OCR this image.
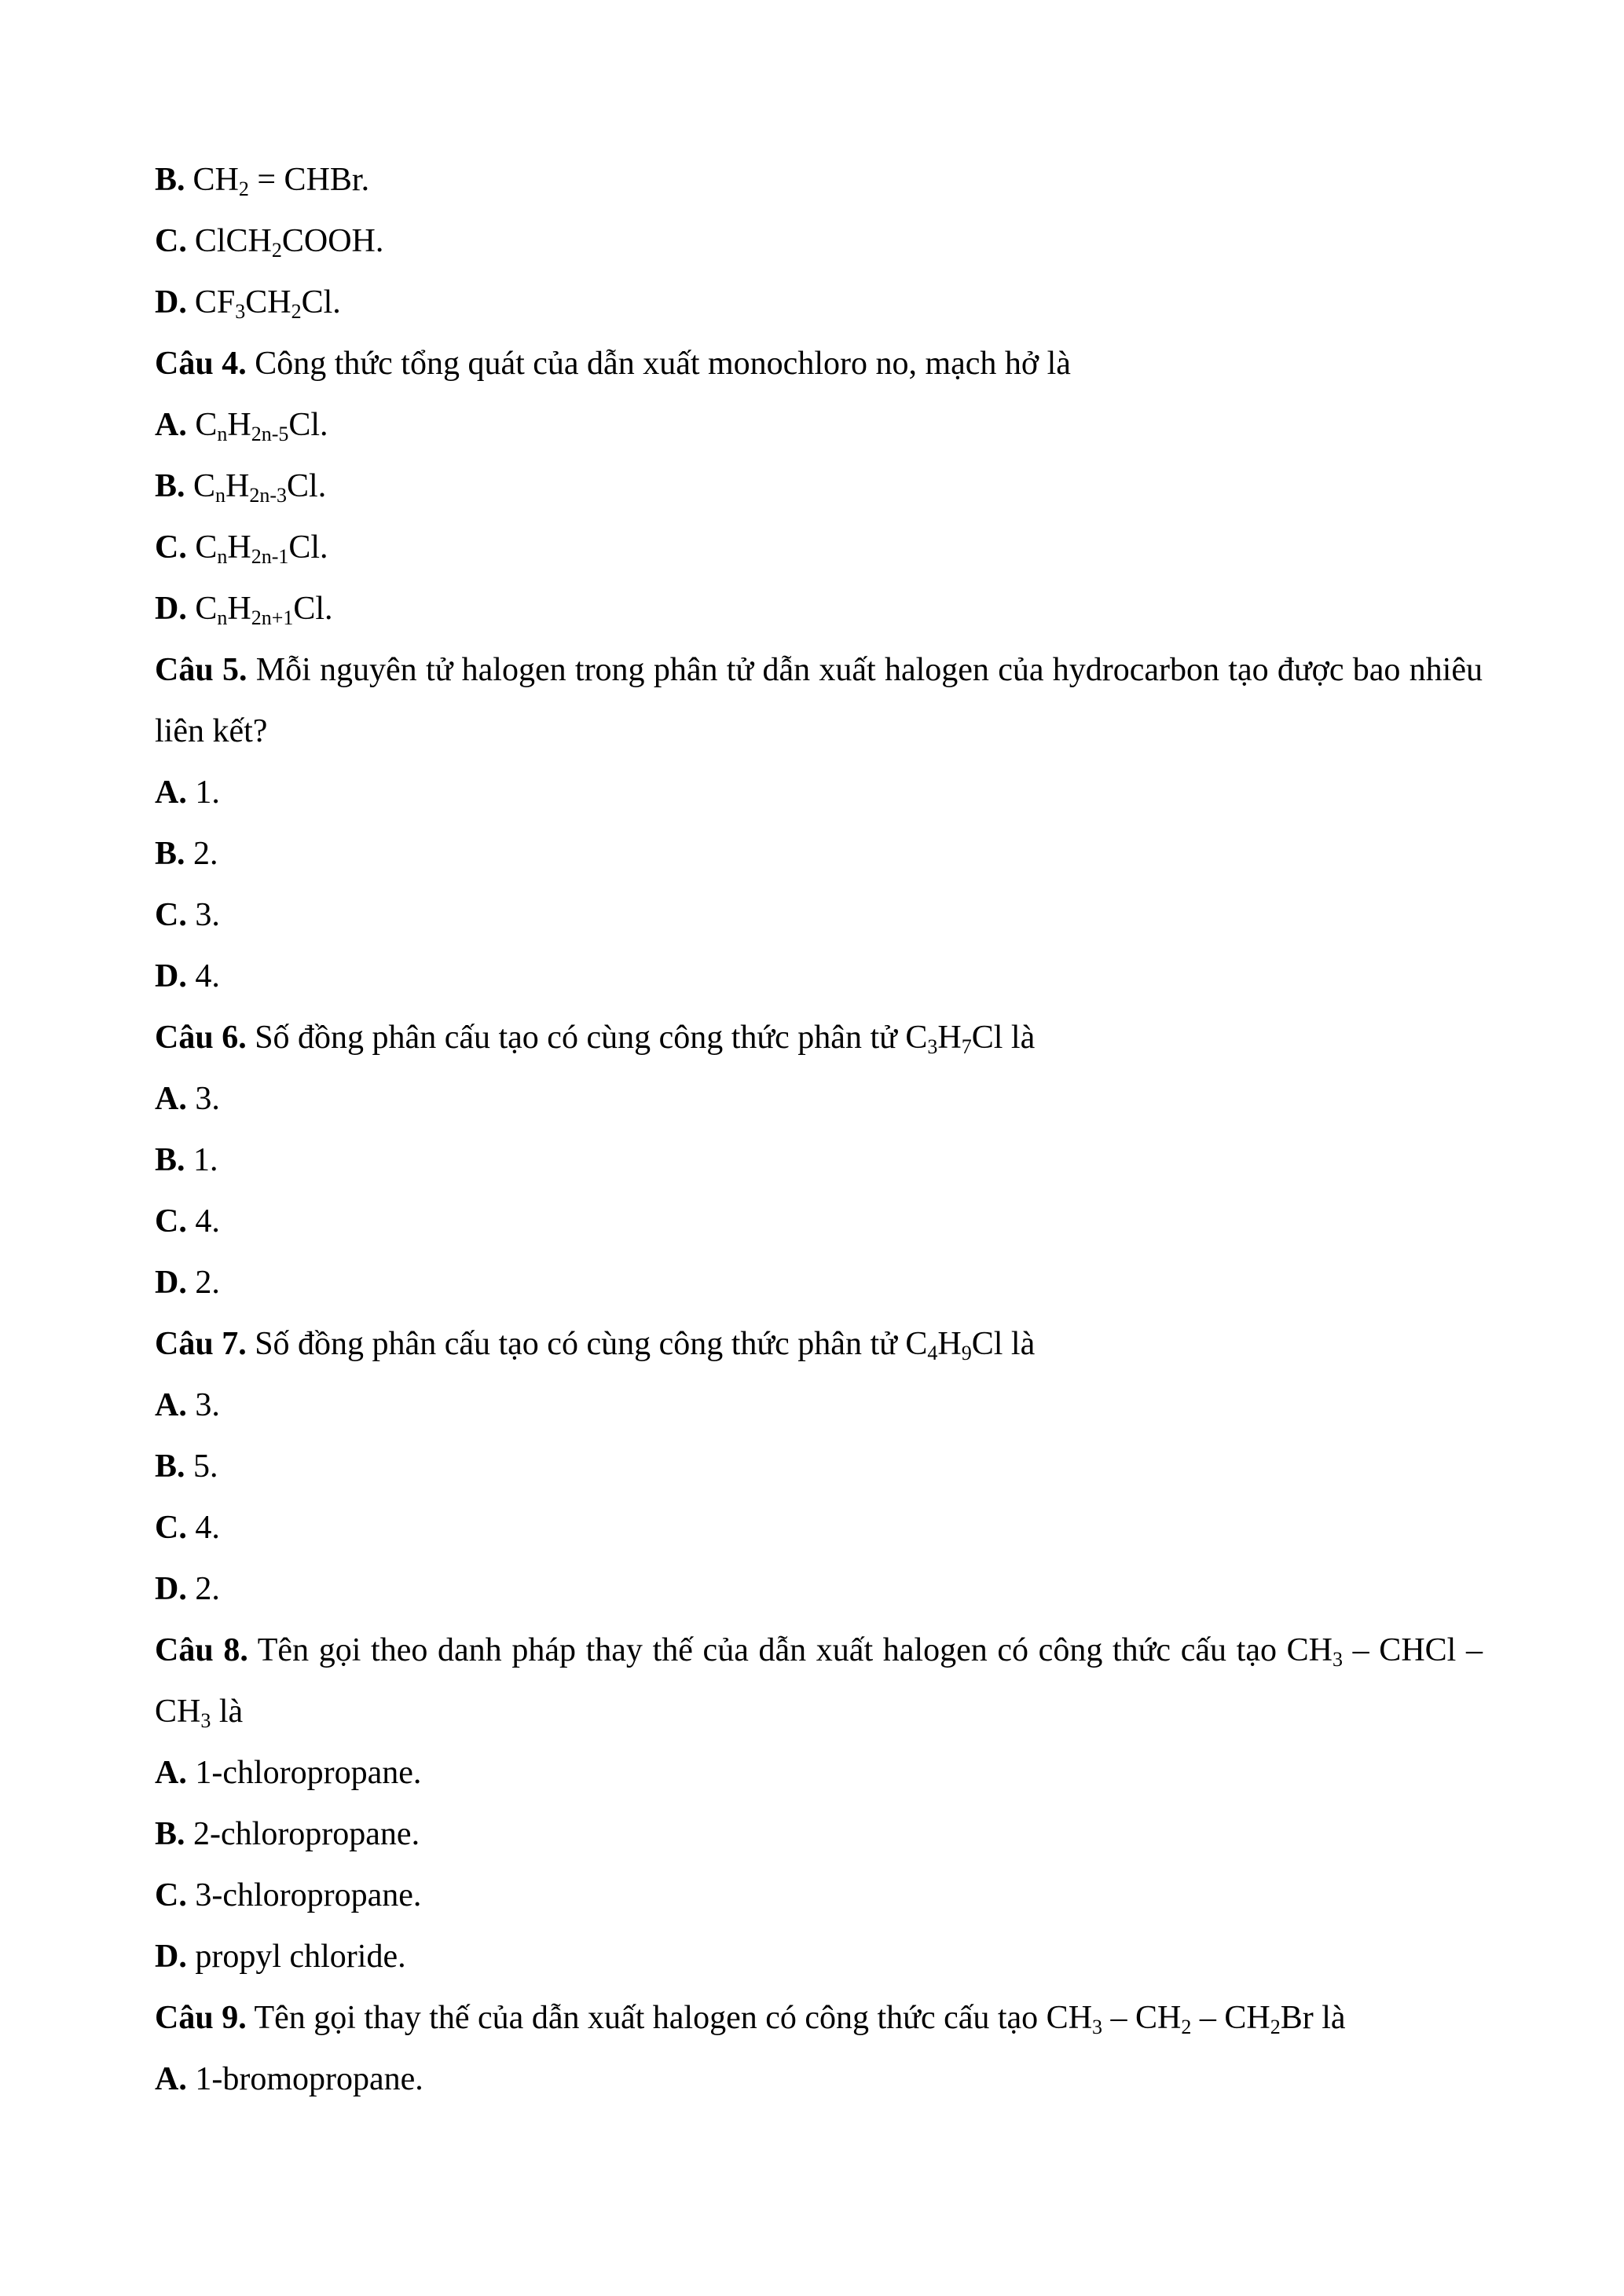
B. $CH_2$ = CHBr.
C. ClCH$_2$COOH.
D. $CF_3CH_2Cl$.
Câu 4. Công thức tổng quát của dẫn xuất monochloro no, mạch hở là
A. $C_nH_{2n-5}Cl$.
B. $C_nH_{2n-3}Cl$.
C. $C_nH_{2n-1}Cl$.
D. $C_nH_{2n+1}Cl$.
Câu 5. Mỗi nguyên tử halogen trong phân tử dẫn xuất halogen của hydrocarbon tạo được bao nhiêu liên kết?
A. 1.
B. 2.
C. 3.
D. 4.
Câu 6. Số đồng phân cấu tạo có cùng công thức phân tử $C_3H_7Cl$ là
A. 3.
B. 1.
C. 4.
D. 2.
Câu 7. Số đồng phân cấu tạo có cùng công thức phân tử $C_4H_9Cl$ là
A. 3.
B. 5.
C. 4.
D. 2.
Câu 8. Tên gọi theo danh pháp thay thế của dẫn xuất halogen có công thức cấu tạo $CH_3$ – CHCl – $CH_3$ là
A. 1-chloropropane.
B. 2-chloropropane.
C. 3-chloropropane.
D. propyl chloride.
Câu 9. Tên gọi thay thế của dẫn xuất halogen có công thức cấu tạo $CH_3 - CH_2 - CH_2Br$ là
A. 1-bromopropane.
